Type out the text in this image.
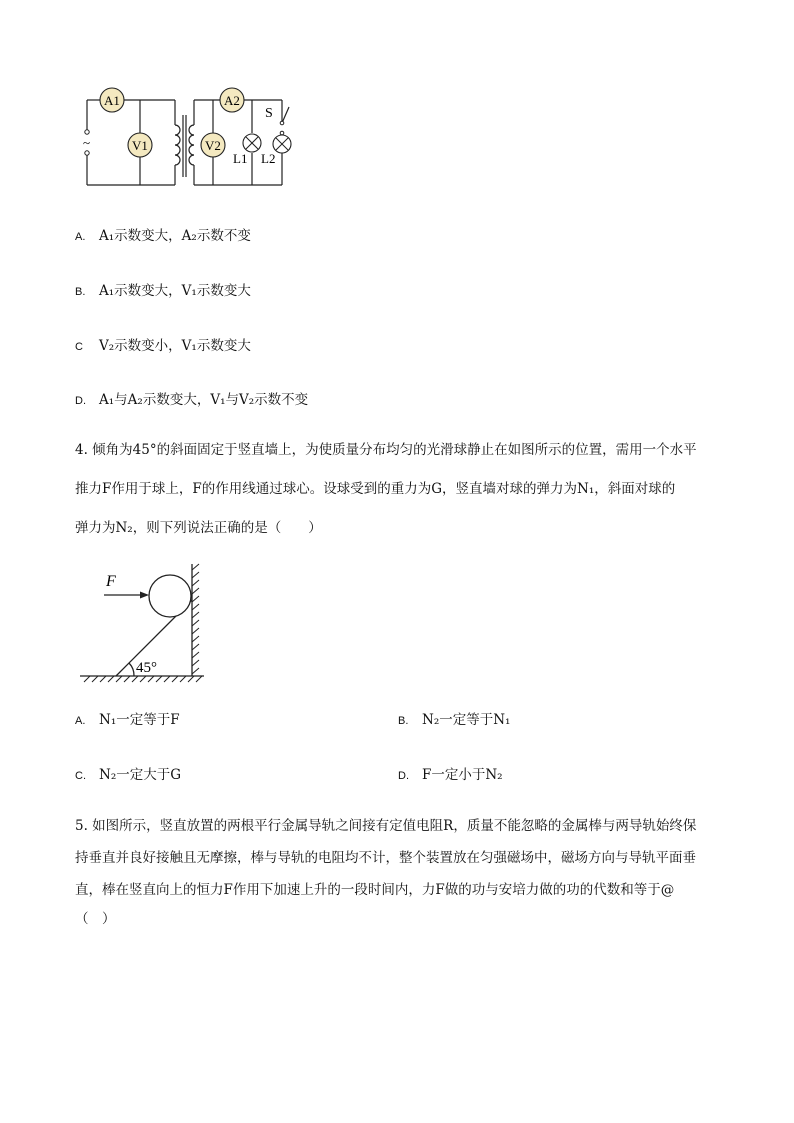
~
S
A1
V1
A2
V2
L1 L2
A. A₁示数变大，A₂示数不变
B. A₁示数变大，V₁示数变大
C V₂示数变小，V₁示数变大
D. A₁与A₂示数变大，V₁与V₂示数不变
4. 倾角为45°的斜面固定于竖直墙上，为使质量分布均匀的光滑球静止在如图所示的位置，需用一个水平
推力F作用于球上，F的作用线通过球心。设球受到的重力为G，竖直墙对球的弹力为N₁，斜面对球的
弹力为N₂，则下列说法正确的是（　　）
F
45°
A. N₁一定等于F	B. N₂一定等于N₁
C. N₂一定大于G	D. F一定小于N₂
5. 如图所示，竖直放置的两根平行金属导轨之间接有定值电阻R，质量不能忽略的金属棒与两导轨始终保
持垂直并良好接触且无摩擦，棒与导轨的电阻均不计，整个装置放在匀强磁场中，磁场方向与导轨平面垂
直，棒在竖直向上的恒力F作用下加速上升的一段时间内，力F做的功与安培力做的功的代数和等于@
（　）
